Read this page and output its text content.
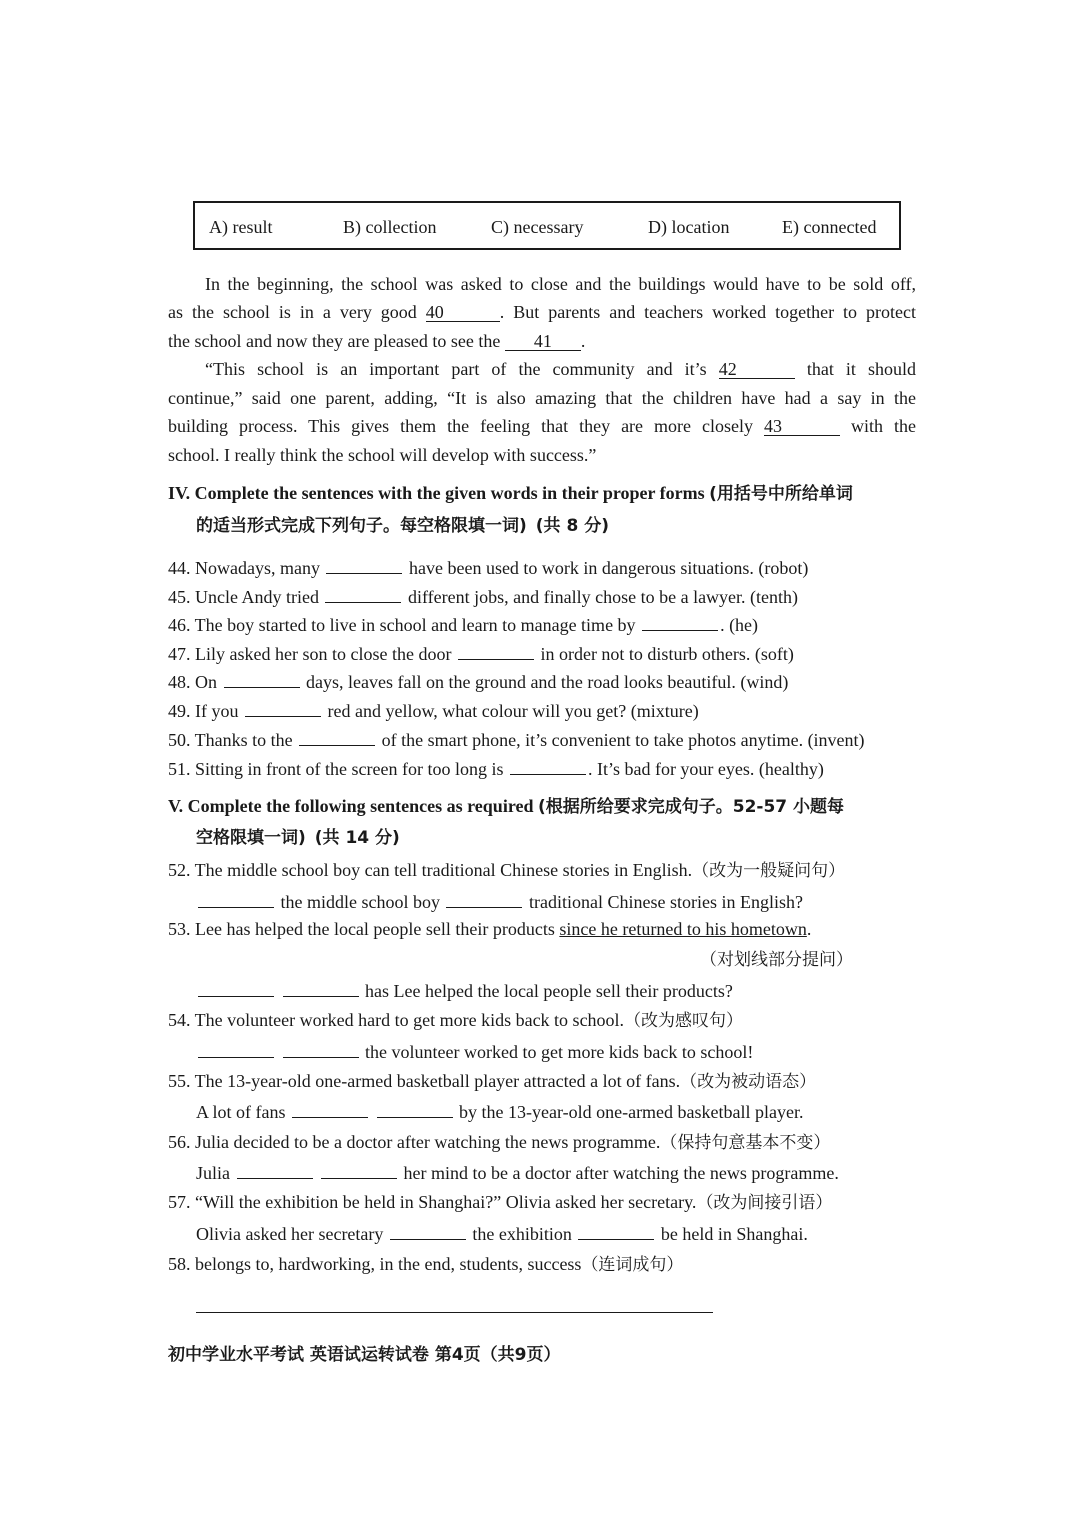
A) result	B) collection	C) necessary	D) location	E) connected
In the beginning, the school was asked to close and the buildings would have to be sold off,
as the school is in a very good 40	. But parents and teachers worked together to protect
the school and now they are pleased to see the 41 .
“This school is an important part of the community and it’s 42	that it should
continue,” said one parent, adding, “It is also amazing that the children have had a say in the
building process. This gives them the feeling that they are more closely 43	with the
school. I really think the school will develop with success.”
IV. Complete the sentences with the given words in their proper forms (用括号中所给单词
的适当形式完成下列句子。每空格限填一词) (共 8 分)
44. Nowadays, many	have been used to work in dangerous situations. (robot)
45. Uncle Andy tried	different jobs, and finally chose to be a lawyer. (tenth)
46. The boy started to live in school and learn to manage time by	. (he)
47. Lily asked her son to close the door	in order not to disturb others. (soft)
48. On	days, leaves fall on the ground and the road looks beautiful. (wind)
49. If you	red and yellow, what colour will you get? (mixture)
50. Thanks to the	of the smart phone, it’s convenient to take photos anytime. (invent)
51. Sitting in front of the screen for too long is	. It’s bad for your eyes. (healthy)
V. Complete the following sentences as required (根据所给要求完成句子。52-57 小题每
空格限填一词) (共 14 分)
52. The middle school boy can tell traditional Chinese stories in English.（改为一般疑问句）
the middle school boy	traditional Chinese stories in English?
53. Lee has helped the local people sell their products since he returned to his hometown.
（对划线部分提问）
has Lee helped the local people sell their products?
54. The volunteer worked hard to get more kids back to school.（改为感叹句）
the volunteer worked to get more kids back to school!
55. The 13-year-old one-armed basketball player attracted a lot of fans.（改为被动语态）
A lot of fans	by the 13-year-old one-armed basketball player.
56. Julia decided to be a doctor after watching the news programme.（保持句意基本不变）
Julia	her mind to be a doctor after watching the news programme.
57. “Will the exhibition be held in Shanghai?” Olivia asked her secretary.（改为间接引语）
Olivia asked her secretary	the exhibition	be held in Shanghai.
58. belongs to, hardworking, in the end, students, success（连词成句）
初中学业水平考试 英语试运转试卷 第4页（共9页）
